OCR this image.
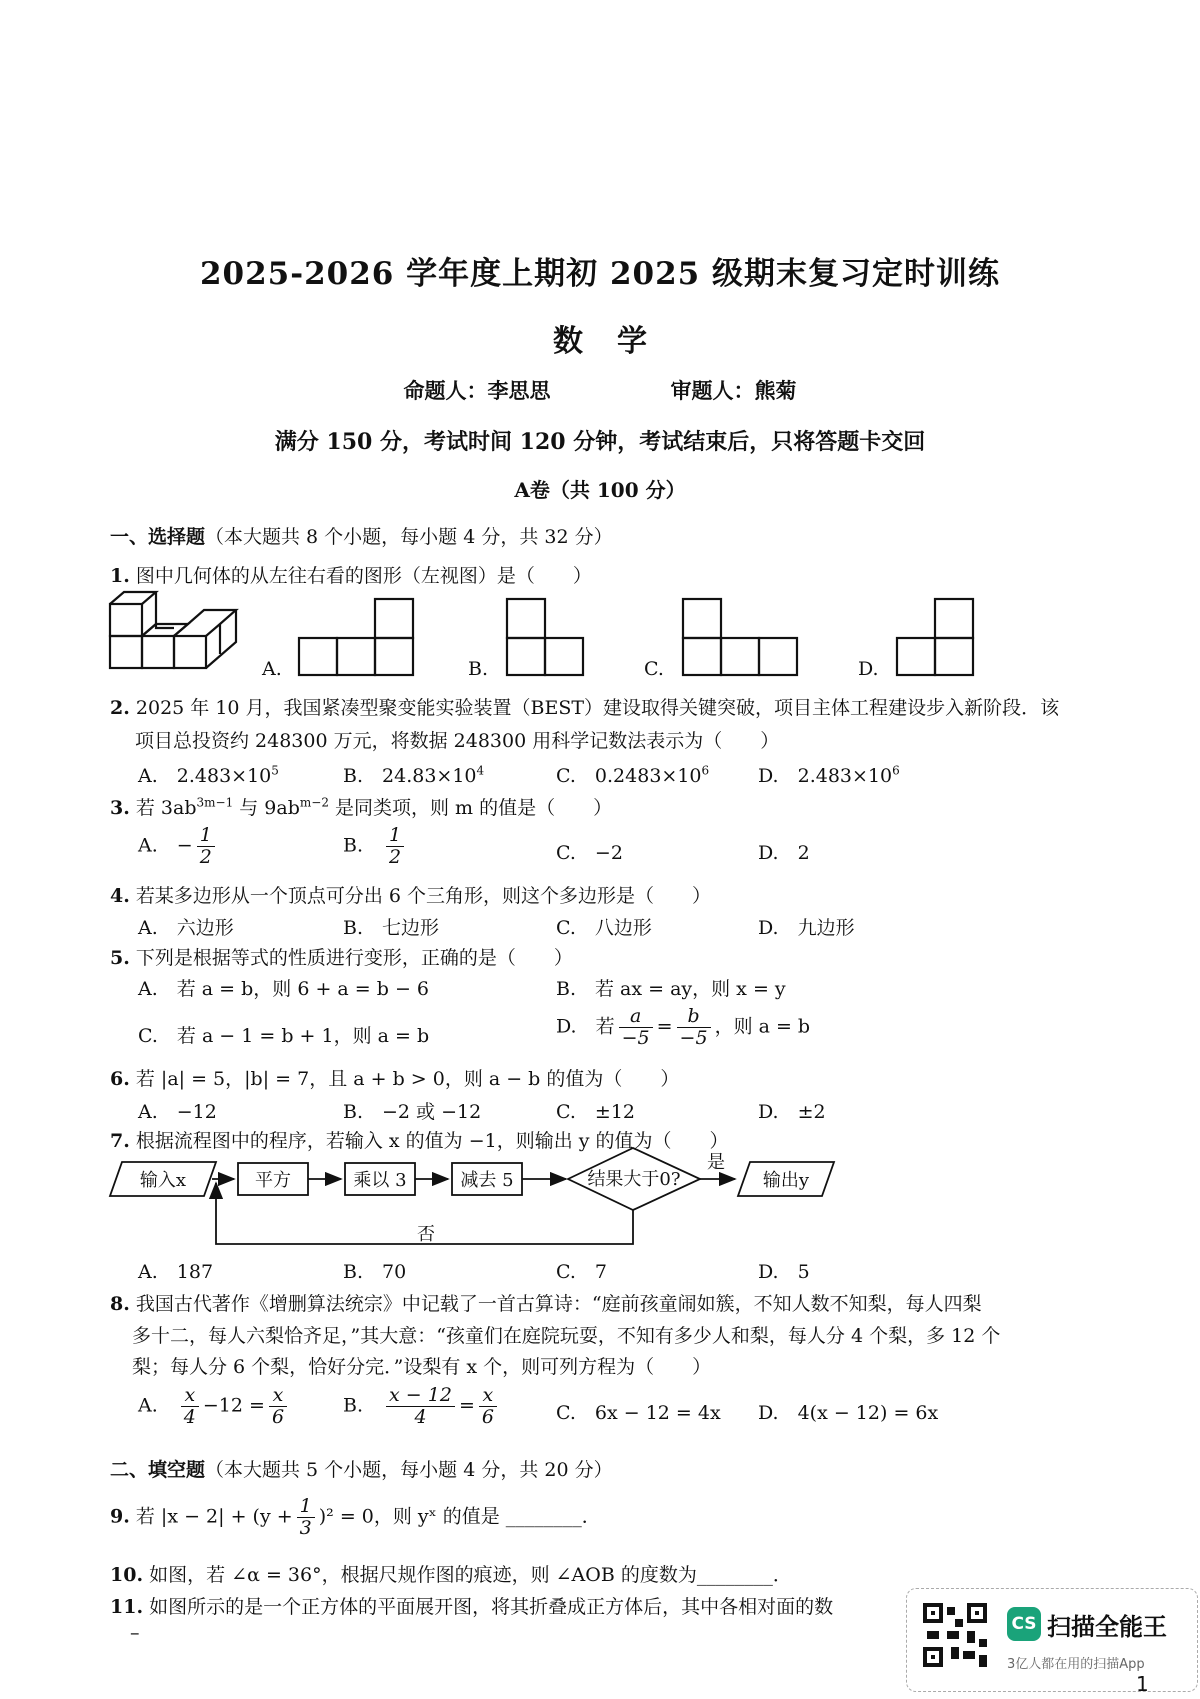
2025-2026 学年度上期初 2025 级期末复习定时训练
数学
命题人：李思思	审题人：熊菊
满分 150 分，考试时间 120 分钟，考试结束后，只将答题卡交回
A卷（共 100 分）
一、选择题（本大题共 8 个小题，每小题 4 分，共 32 分）
1. 图中几何体的从左往右看的图形（左视图）是（　　）
A.	B.	C.	D.
2. 2025 年 10 月，我国紧凑型聚变能实验装置（BEST）建设取得关键突破，项目主体工程建设步入新阶段．该
项目总投资约 248300 万元，将数据 248300 用科学记数法表示为（　　）
A.　 $2.483\times 10^5$	B.　 $24.83\times 10^4$	C.　 $0.2483\times 10^6$	D.　 $2.483\times 10^6$
3. 若 $3ab^{3m-1}$ 与 $9ab^{m-2}$ 是同类项，则 m 的值是（　　）
A.　 − $\frac{1}{2}$	B.　 $\frac{1}{2}$	C.　 −2	D.　 2
4. 若某多边形从一个顶点可分出 6 个三角形，则这个多边形是（　　）
A.　六边形	B.　七边形	C.　八边形	D.　九边形
5. 下列是根据等式的性质进行变形，正确的是（　　）
A.　若 a = b，则 6 + a = b − 6	B.　若 ax = ay，则 x = y
C.　若 a − 1 = b + 1，则 a = b	D.　若 $\frac{a}{-5} = \frac{b}{-5}$ ，则 a = b
6. 若 |a| = 5，|b| = 7，且 a + b > 0，则 a − b 的值为（　　）
A.　−12	B.　−2 或 −12	C.　±12	D.　±2
7. 根据流程图中的程序，若输入 x 的值为 −1，则输出 y 的值为（　　）
输入x	平方	乘以 3	减去 5	结果大于0?
是
否
输出y
A.　187	B.　70	C.　7	D.　5
8. 我国古代著作《增删算法统宗》中记载了一首古算诗：“庭前孩童闹如簇，不知人数不知梨，每人四梨
多十二，每人六梨恰齐足，”其大意：“孩童们在庭院玩耍，不知有多少人和梨，每人分 4 个梨，多 12 个
梨；每人分 6 个梨，恰好分完．”设梨有 x 个，则可列方程为（　　）
A.　 $\frac{x}{4} -12 = \frac{x}{6}$	B.　 $\frac{x - 12}{4} = \frac{x}{6}$	C.　6x − 12 = 4x D.　4(x − 12) = 6x
二、填空题（本大题共 5 个小题，每小题 4 分，共 20 分）
9. 若 $|x - 2| + (y + \frac{1}{3} )^2 = 0$，则 yˣ 的值是 ________．
10. 如图，若 ∠α = 36°，根据尺规作图的痕迹，则 ∠AOB 的度数为________．
11. 如图所示的是一个正方体的平面展开图，将其折叠成正方体后，其中各相对面的数
–	CS 扫描全能王
3亿人都在用的扫描App
1
